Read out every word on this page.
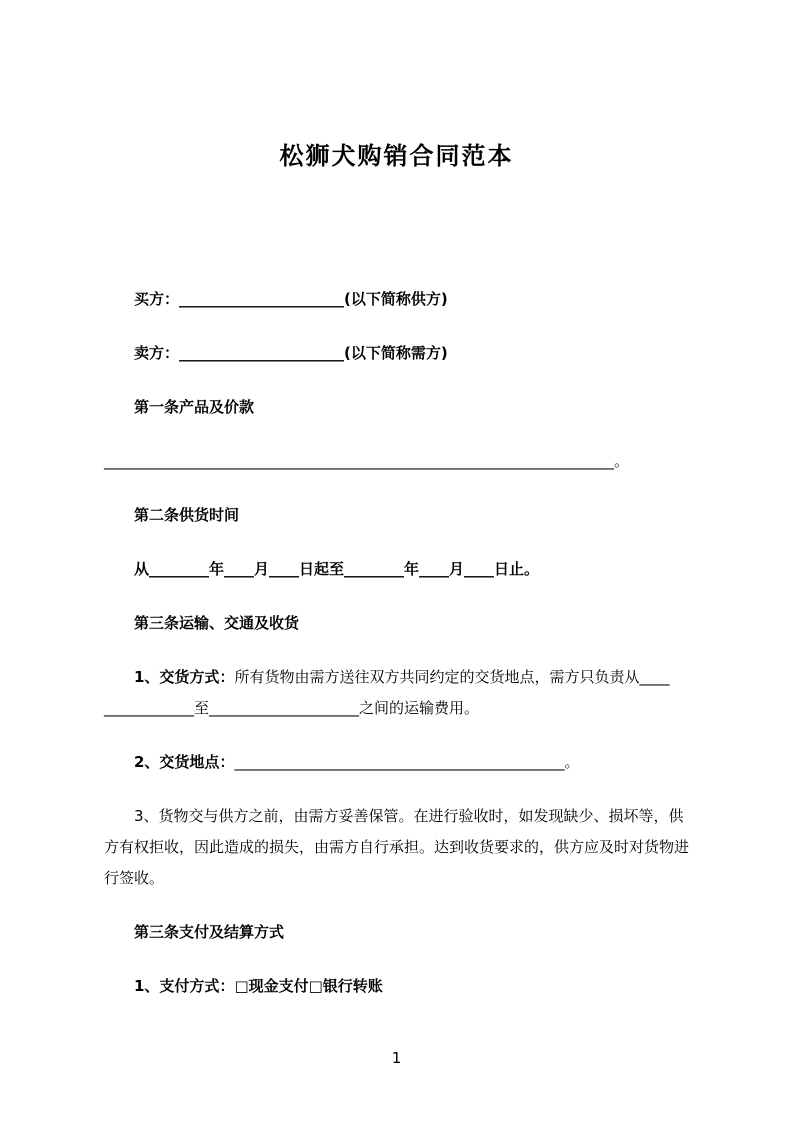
松狮犬购销合同范本

买方：______________________(以下简称供方)

卖方：______________________(以下简称需方)

第一条产品及价款

____________________________________________________________________。

第二条供货时间

从________年____月____日起至________年____月____日止。

第三条运输、交通及收货

1、交货方式：所有货物由需方送往双方共同约定的交货地点，需方只负责从____
____________至____________________之间的运输费用。

2、交货地点：____________________________________________。

3、货物交与供方之前，由需方妥善保管。在进行验收时，如发现缺少、损坏等，供方有权拒收，因此造成的损失，由需方自行承担。达到收货要求的，供方应及时对货物进行签收。

第三条支付及结算方式

1、支付方式：□现金支付□银行转账

1
